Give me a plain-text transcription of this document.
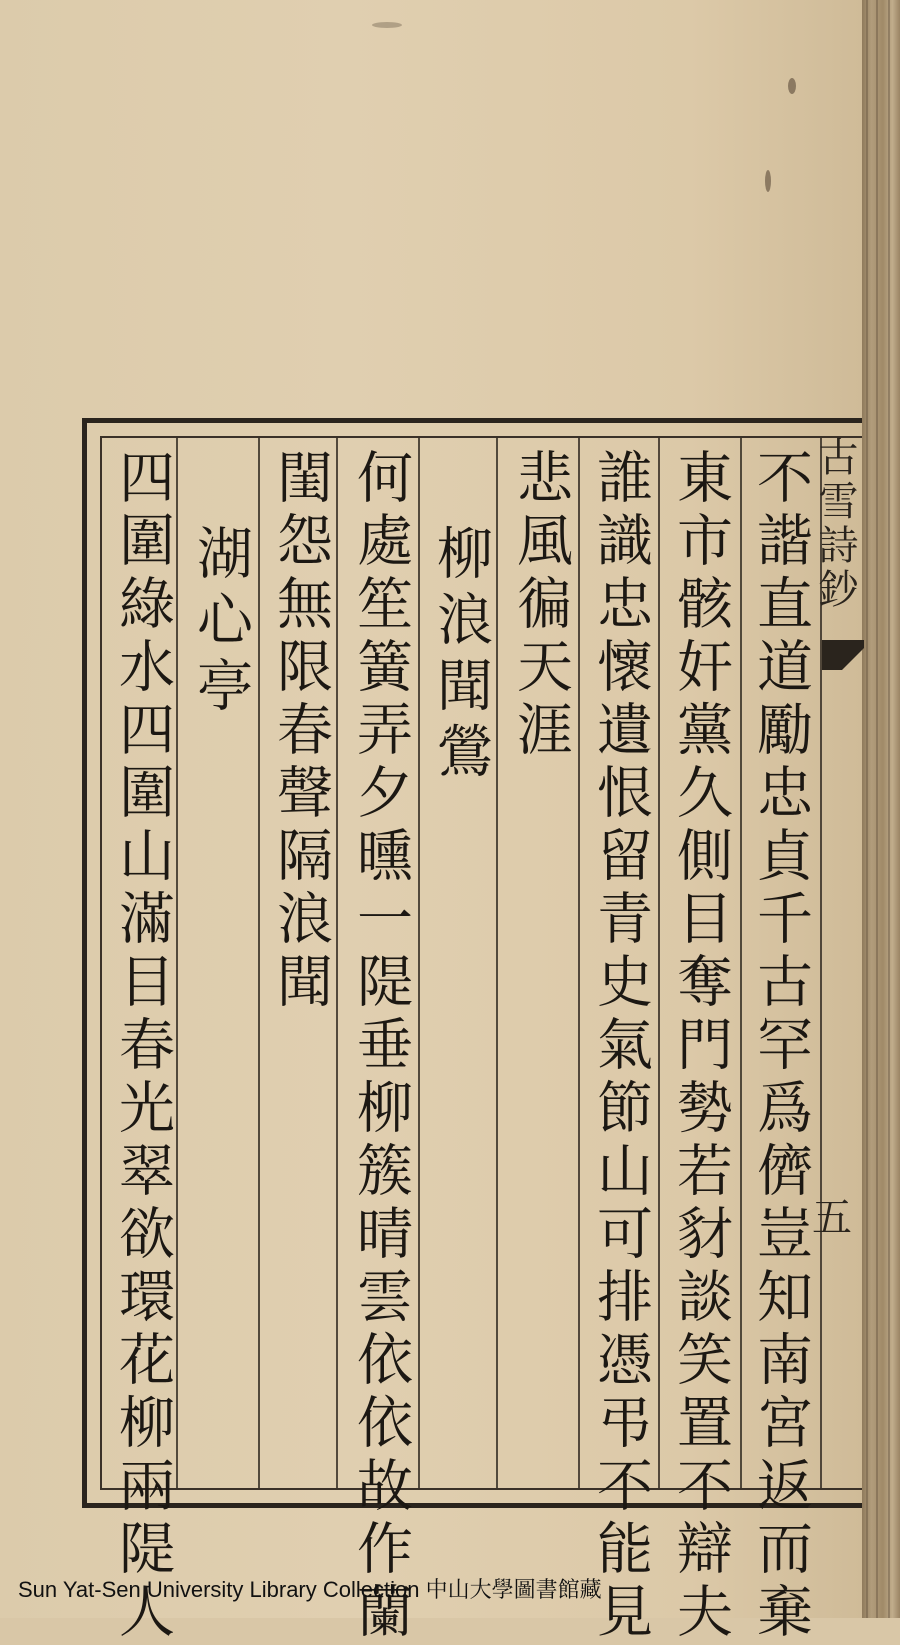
不諧直道勵忠貞千古罕爲儕豈知南宮返而棄
東市骸奸黨久側目奪門勢若豺談笑置不辯夫
誰識忠懷遺恨留青史氣節山可排憑弔不能見
悲風徧天涯
柳浪聞鶯
何處笙簧弄夕曛一隄垂柳簇晴雲依依故作蘭
閨怨無限春聲隔浪聞
湖心亭
四圍綠水四圍山滿目春光翠欲環花柳兩隄人	古雪詩鈔
五
Sun Yat-Sen University Library Collection 中山大學圖書館藏
